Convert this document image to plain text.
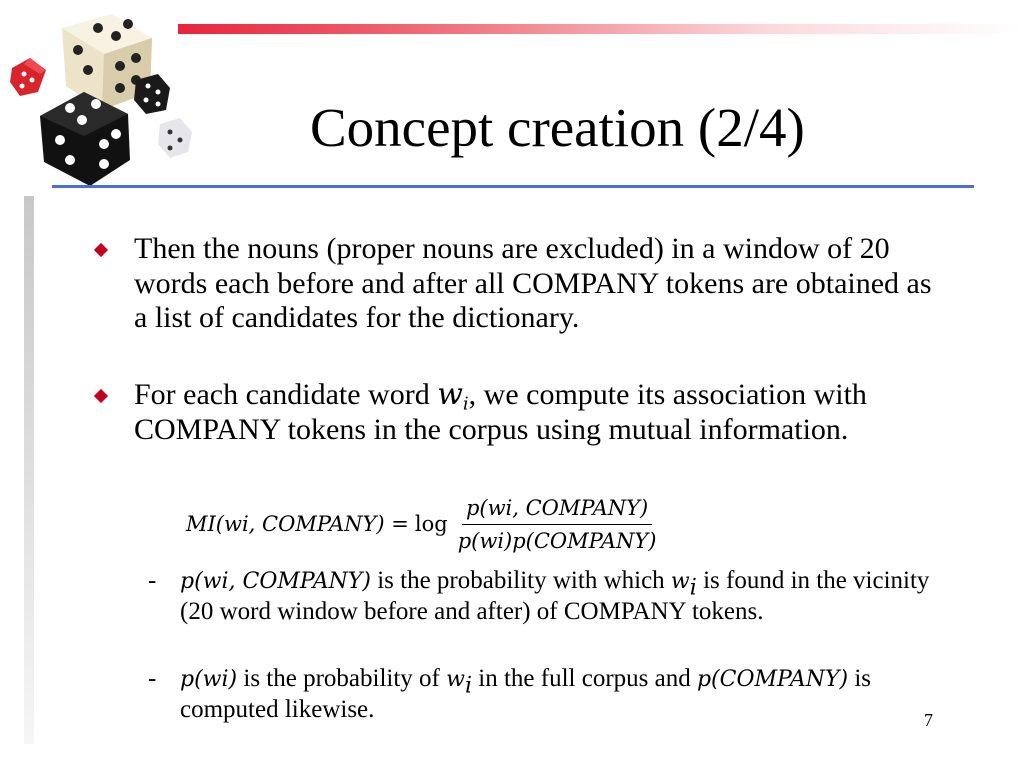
Concept creation (2/4)
Then the nouns (proper nouns are excluded) in a window of 20 words each before and after all COMPANY tokens are obtained as a list of candidates for the dictionary.
For each candidate word $w_i$, we compute its association with COMPANY tokens in the corpus using mutual information.
MI(wi, COMPANY) = $\log \frac{\text{p(wi, COMPANY)}}{\text{p(wi)p(COMPANY)}}$
- p(wi, COMPANY) is the probability with which $w_i$ is found in the vicinity (20 word window before and after) of COMPANY tokens.
- p(wi) is the probability of $w_i$ in the full corpus and p(COMPANY) is computed likewise.	7
